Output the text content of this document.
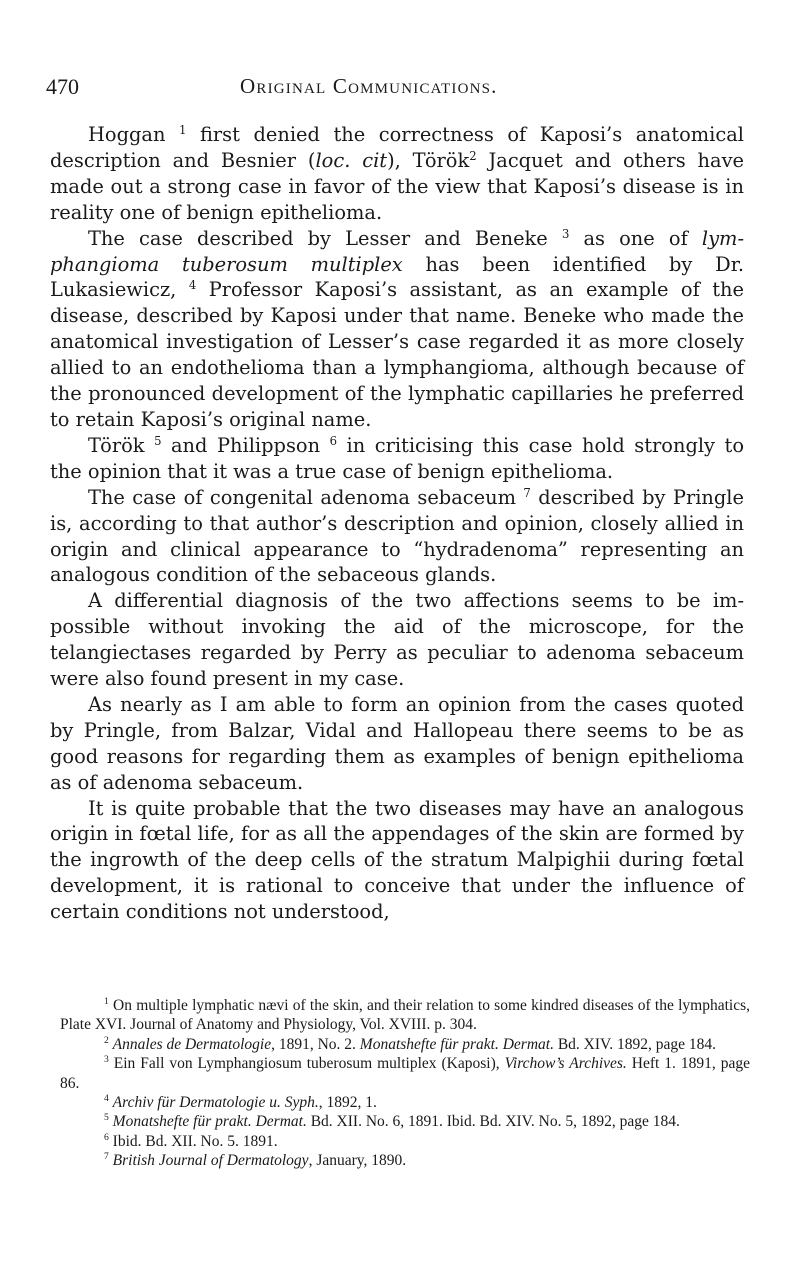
470	Original Communications.

Hoggan $^1$ first denied the correctness of Kaposi’s anatomical description and Besnier (loc. cit), Török$^2$ Jacquet and others have made out a strong case in favor of the view that Kaposi’s disease is in reality one of benign epithelioma.

The case described by Lesser and Beneke $^3$ as one of lymphangioma tuberosum multiplex has been identified by Dr. Lukasiewicz, $^4$ Professor Kaposi’s assistant, as an example of the disease, described by Kaposi under that name. Beneke who made the anatomical investigation of Lesser’s case regarded it as more closely allied to an endothelioma than a lymphangioma, although because of the pronounced development of the lymphatic capillaries he preferred to retain Kaposi’s original name.

Török $^5$ and Philippson $^6$ in criticising this case hold strongly to the opinion that it was a true case of benign epithelioma.

The case of congenital adenoma sebaceum $^7$ described by Pringle is, according to that author’s description and opinion, closely allied in origin and clinical appearance to “hydradenoma” representing an analogous condition of the sebaceous glands.

A differential diagnosis of the two affections seems to be impossible without invoking the aid of the microscope, for the telangiectases regarded by Perry as peculiar to adenoma sebaceum were also found present in my case.

As nearly as I am able to form an opinion from the cases quoted by Pringle, from Balzar, Vidal and Hallopeau there seems to be as good reasons for regarding them as examples of benign epithelioma as of adenoma sebaceum.

It is quite probable that the two diseases may have an analogous origin in fœtal life, for as all the appendages of the skin are formed by the ingrowth of the deep cells of the stratum Malpighii during fœtal development, it is rational to conceive that under the influence of certain conditions not understood,

$^1$ On multiple lymphatic nævi of the skin, and their relation to some kindred diseases of the lymphatics, Plate XVI. Journal of Anatomy and Physiology, Vol. XVIII. p. 304.

$^2$ Annales de Dermatologie, 1891, No. 2. Monatshefte für prakt. Dermat. Bd. XIV. 1892, page 184.

$^3$ Ein Fall von Lymphangiosum tuberosum multiplex (Kaposi), Virchow’s Archives. Heft 1. 1891, page 86.

$^4$ Archiv für Dermatologie u. Syph., 1892, 1.

$^5$ Monatshefte für prakt. Dermat. Bd. XII. No. 6, 1891. Ibid. Bd. XIV. No. 5, 1892, page 184.

$^6$ Ibid. Bd. XII. No. 5. 1891.

$^7$ British Journal of Dermatology, January, 1890.
